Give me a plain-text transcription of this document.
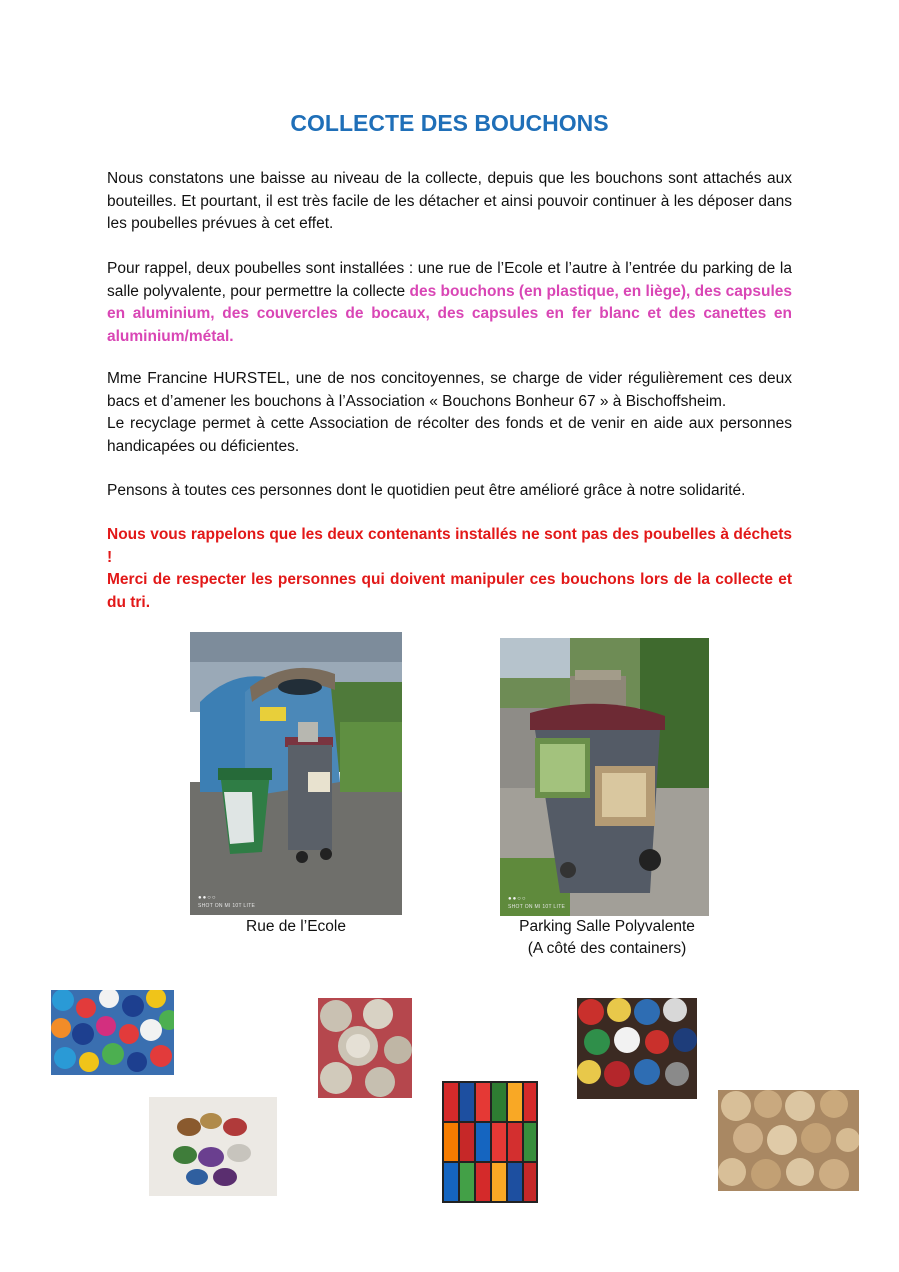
COLLECTE DES BOUCHONS

Nous constatons une baisse au niveau de la collecte, depuis que les bouchons sont attachés aux bouteilles. Et pourtant, il est très facile de les détacher et ainsi pouvoir continuer à les déposer dans les poubelles prévues à cet effet.

Pour rappel, deux poubelles sont installées : une rue de l’Ecole et l’autre à l’entrée du parking de la salle polyvalente, pour permettre la collecte des bouchons (en plastique, en liège), des capsules en aluminium, des couvercles de bocaux, des capsules en fer blanc et des canettes en aluminium/métal.

Mme Francine HURSTEL, une de nos concitoyennes, se charge de vider régulièrement ces deux bacs et d’amener les bouchons à l’Association « Bouchons Bonheur 67 » à Bischoffsheim.
Le recyclage permet à cette Association de récolter des fonds et de venir en aide aux personnes handicapées ou déficientes.

Pensons à toutes ces personnes dont le quotidien peut être amélioré grâce à notre solidarité.

Nous vous rappelons que les deux contenants installés ne sont pas des poubelles à déchets !
Merci de respecter les personnes qui doivent manipuler ces bouchons lors de la collecte et du tri.

●●○○
SHOT ON MI 10T LITE
Rue de l’Ecole
●●○○
SHOT ON MI 10T LITE
Parking Salle Polyvalente
(A côté des containers)
